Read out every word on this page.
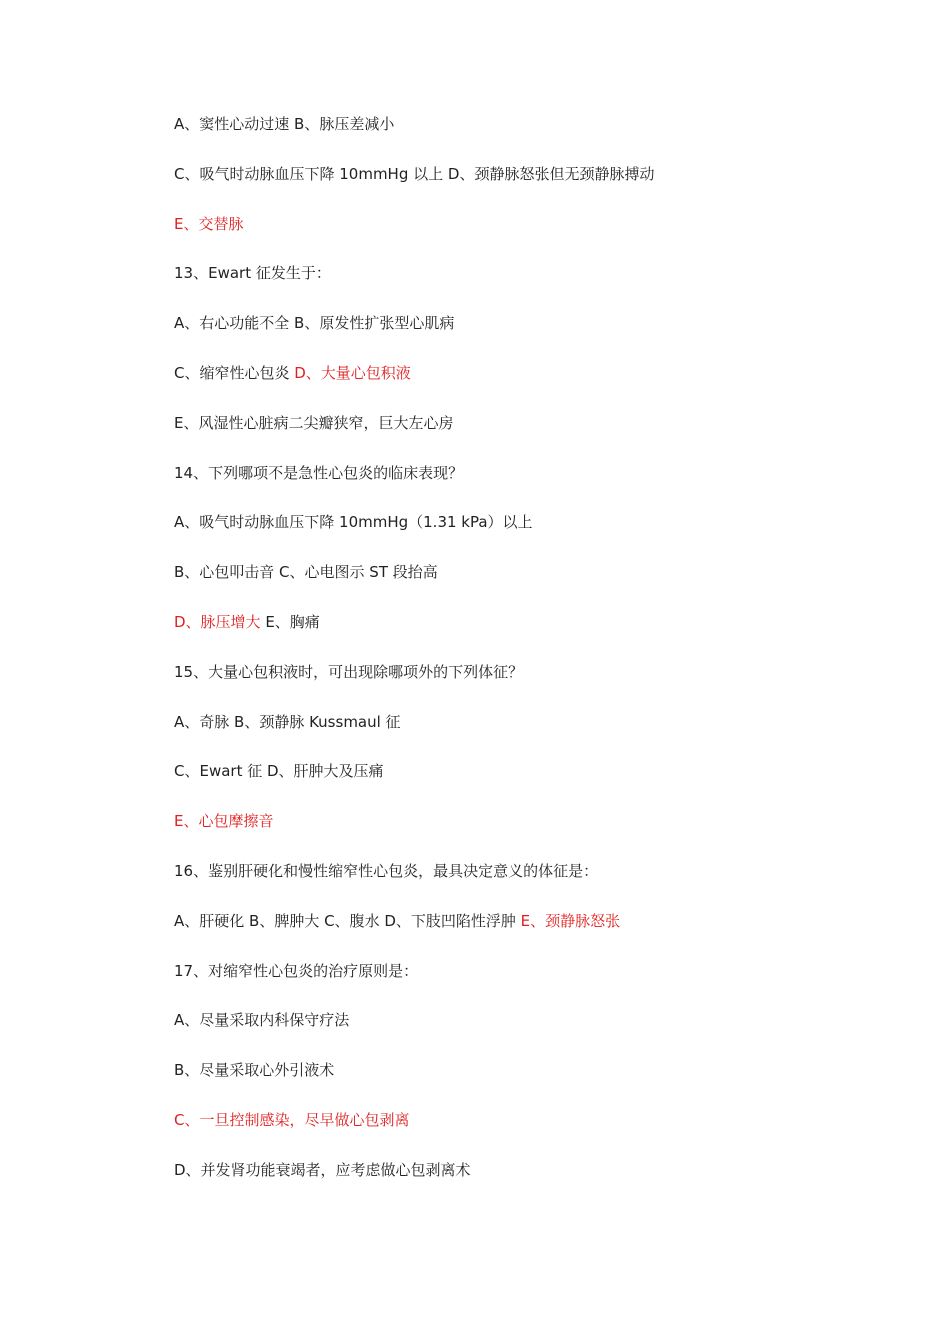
A、窦性心动过速 B、脉压差减小
C、吸气时动脉血压下降 10mmHg 以上 D、颈静脉怒张但无颈静脉搏动
E、交替脉
13、Ewart 征发生于：
A、右心功能不全 B、原发性扩张型心肌病
C、缩窄性心包炎 D、大量心包积液
E、风湿性心脏病二尖瓣狭窄，巨大左心房
14、下列哪项不是急性心包炎的临床表现？
A、吸气时动脉血压下降 10mmHg（1.31 kPa）以上
B、心包叩击音 C、心电图示 ST 段抬高
D、脉压增大 E、胸痛
15、大量心包积液时，可出现除哪项外的下列体征？
A、奇脉 B、颈静脉 Kussmaul 征
C、Ewart 征 D、肝肿大及压痛
E、心包摩擦音
16、鉴别肝硬化和慢性缩窄性心包炎，最具决定意义的体征是：
A、肝硬化 B、脾肿大 C、腹水 D、下肢凹陷性浮肿 E、颈静脉怒张
17、对缩窄性心包炎的治疗原则是：
A、尽量采取内科保守疗法
B、尽量采取心外引液术
C、一旦控制感染，尽早做心包剥离
D、并发肾功能衰竭者，应考虑做心包剥离术
